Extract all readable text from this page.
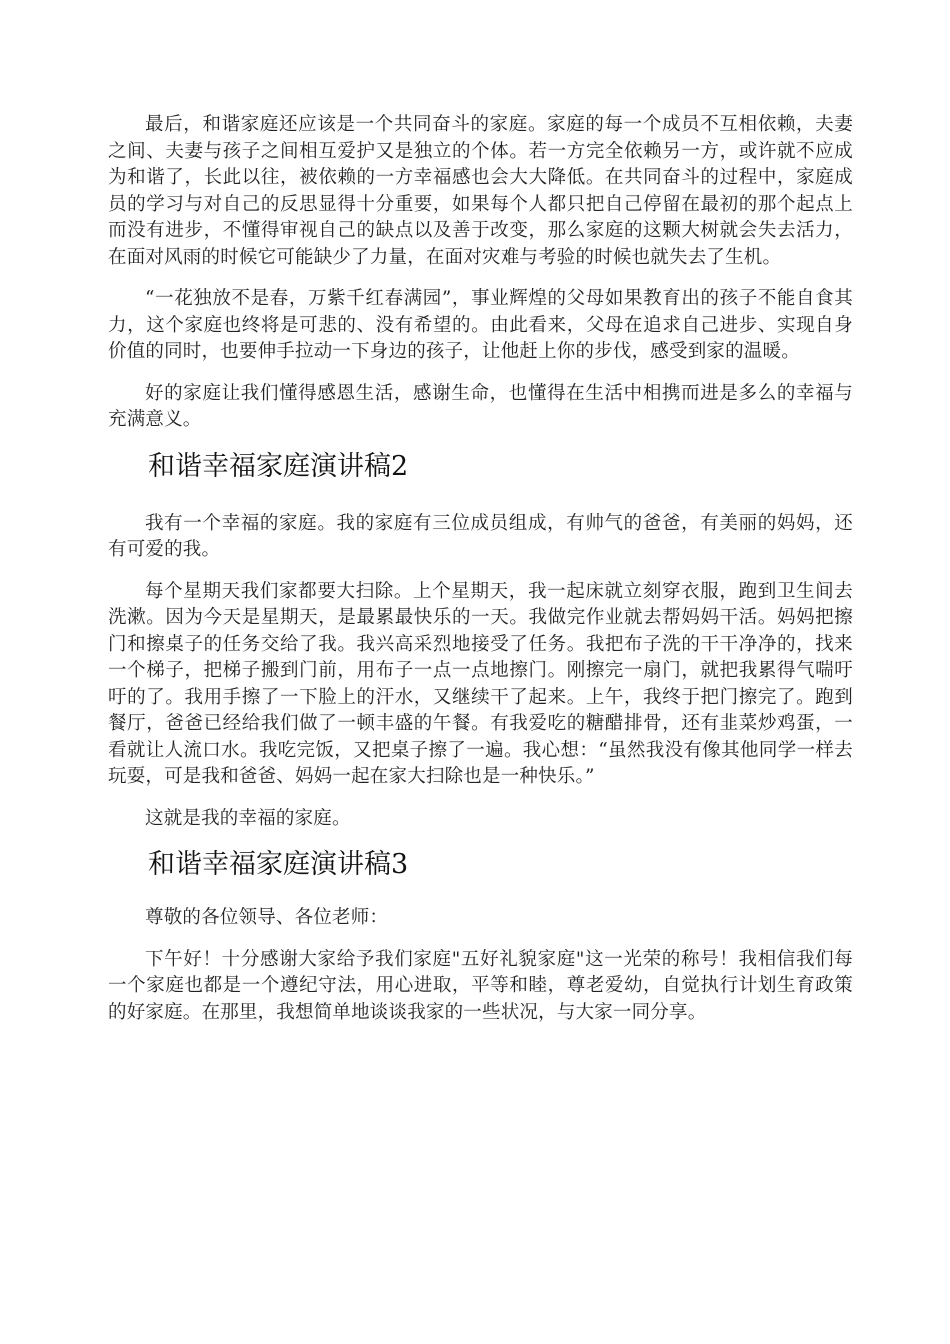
最后，和谐家庭还应该是一个共同奋斗的家庭。家庭的每一个成员不互相依赖，夫妻之间、夫妻与孩子之间相互爱护又是独立的个体。若一方完全依赖另一方，或许就不应成为和谐了，长此以往，被依赖的一方幸福感也会大大降低。在共同奋斗的过程中，家庭成员的学习与对自己的反思显得十分重要，如果每个人都只把自己停留在最初的那个起点上而没有进步，不懂得审视自己的缺点以及善于改变，那么家庭的这颗大树就会失去活力，在面对风雨的时候它可能缺少了力量，在面对灾难与考验的时候也就失去了生机。

“一花独放不是春，万紫千红春满园”，事业辉煌的父母如果教育出的孩子不能自食其力，这个家庭也终将是可悲的、没有希望的。由此看来，父母在追求自己进步、实现自身价值的同时，也要伸手拉动一下身边的孩子，让他赶上你的步伐，感受到家的温暖。

好的家庭让我们懂得感恩生活，感谢生命，也懂得在生活中相携而进是多么的幸福与充满意义。

和谐幸福家庭演讲稿2

我有一个幸福的家庭。我的家庭有三位成员组成，有帅气的爸爸，有美丽的妈妈，还有可爱的我。

每个星期天我们家都要大扫除。上个星期天，我一起床就立刻穿衣服，跑到卫生间去洗漱。因为今天是星期天，是最累最快乐的一天。我做完作业就去帮妈妈干活。妈妈把擦门和擦桌子的任务交给了我。我兴高采烈地接受了任务。我把布子洗的干干净净的，找来一个梯子，把梯子搬到门前，用布子一点一点地擦门。刚擦完一扇门，就把我累得气喘吁吁的了。我用手擦了一下脸上的汗水，又继续干了起来。上午，我终于把门擦完了。跑到餐厅，爸爸已经给我们做了一顿丰盛的午餐。有我爱吃的糖醋排骨，还有韭菜炒鸡蛋，一看就让人流口水。我吃完饭，又把桌子擦了一遍。我心想：“虽然我没有像其他同学一样去玩耍，可是我和爸爸、妈妈一起在家大扫除也是一种快乐。”

这就是我的幸福的家庭。

和谐幸福家庭演讲稿3

尊敬的各位领导、各位老师：

下午好！十分感谢大家给予我们家庭"五好礼貌家庭"这一光荣的称号！我相信我们每一个家庭也都是一个遵纪守法，用心进取，平等和睦，尊老爱幼，自觉执行计划生育政策的好家庭。在那里，我想简单地谈谈我家的一些状况，与大家一同分享。
